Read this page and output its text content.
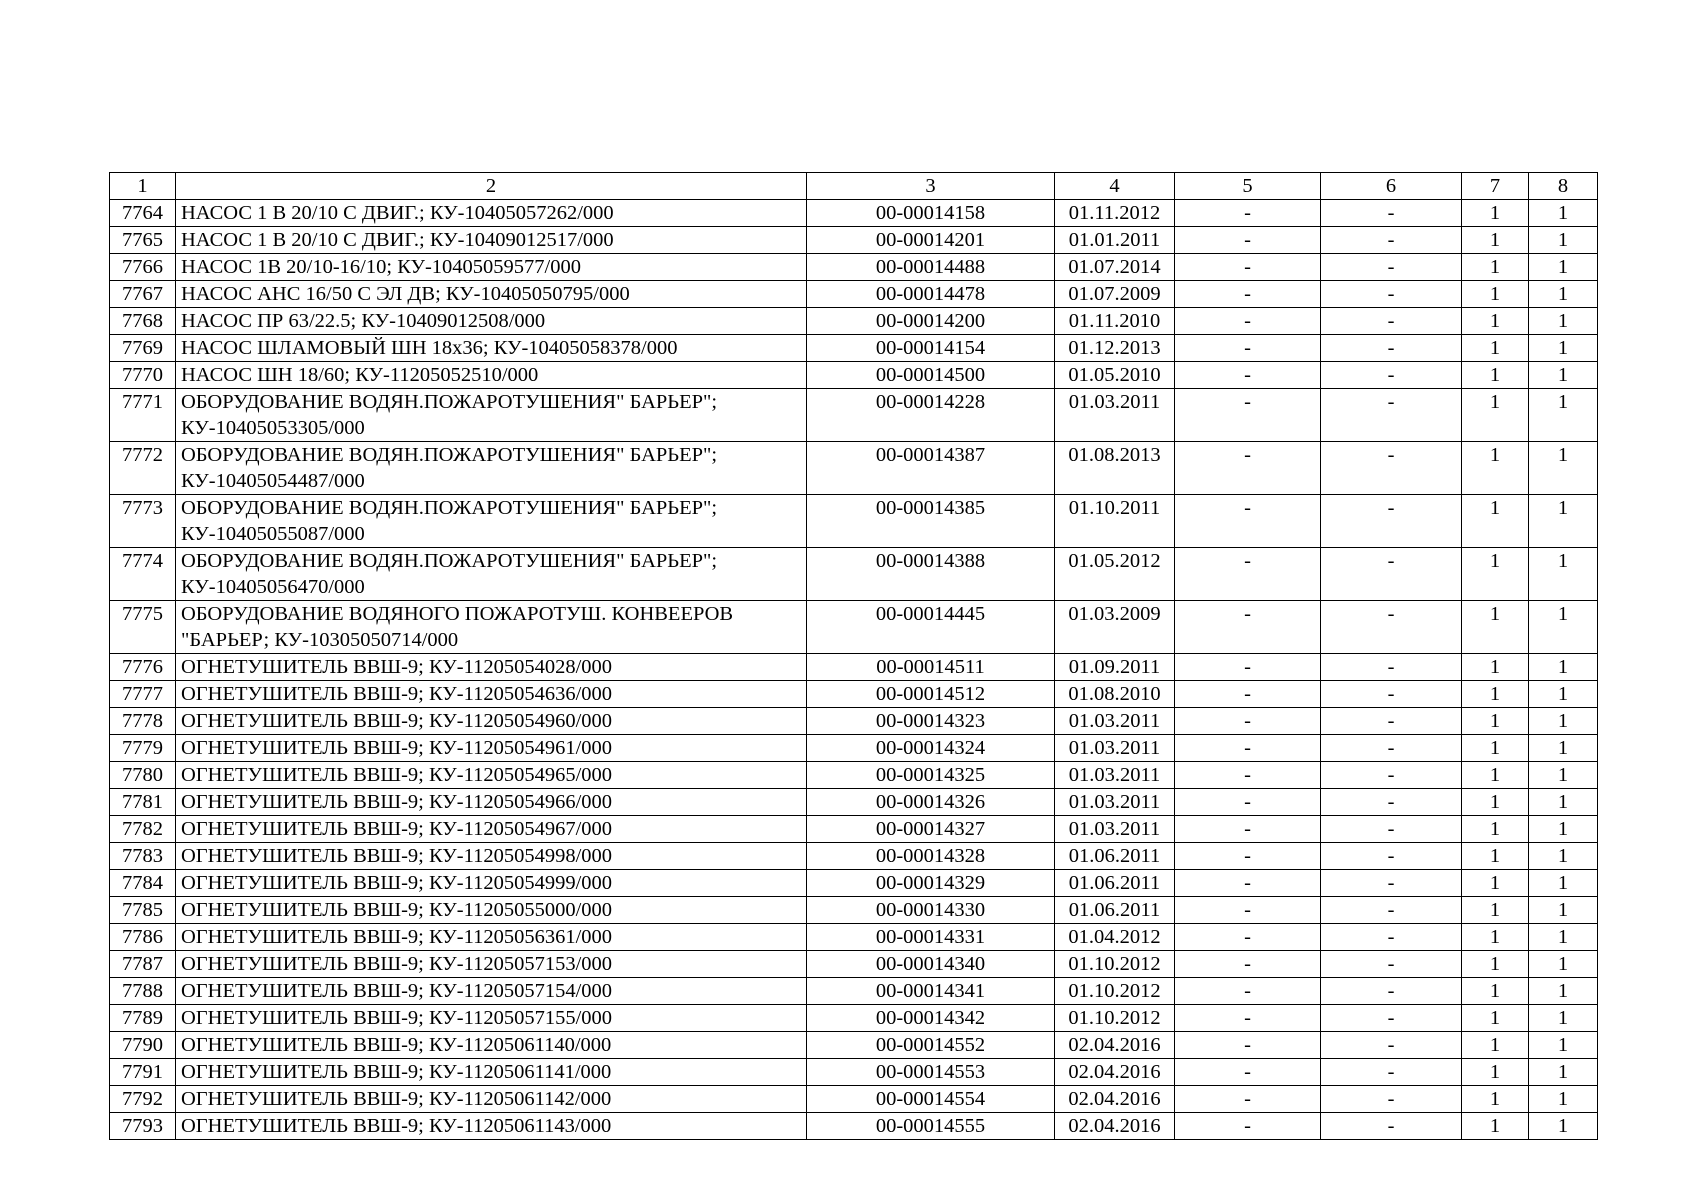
1	2	3	4	5	6	7	8
7764	НАСОС 1 В 20/10 С ДВИГ.; КУ-10405057262/000	00-00014158	01.11.2012	-	-	1	1
7765	НАСОС 1 В 20/10 С ДВИГ.; КУ-10409012517/000	00-00014201	01.01.2011	-	-	1	1
7766	НАСОС 1В 20/10-16/10; КУ-10405059577/000	00-00014488	01.07.2014	-	-	1	1
7767	НАСОС АНС 16/50 С ЭЛ ДВ; КУ-10405050795/000	00-00014478	01.07.2009	-	-	1	1
7768	НАСОС ПР 63/22.5; КУ-10409012508/000	00-00014200	01.11.2010	-	-	1	1
7769	НАСОС ШЛАМОВЫЙ ШН 18х36; КУ-10405058378/000	00-00014154	01.12.2013	-	-	1	1
7770	НАСОС ШН 18/60; КУ-11205052510/000	00-00014500	01.05.2010	-	-	1	1
7771	ОБОРУДОВАНИЕ ВОДЯН.ПОЖАРОТУШЕНИЯ" БАРЬЕР"; КУ-10405053305/000	00-00014228	01.03.2011	-	-	1	1
7772	ОБОРУДОВАНИЕ ВОДЯН.ПОЖАРОТУШЕНИЯ" БАРЬЕР"; КУ-10405054487/000	00-00014387	01.08.2013	-	-	1	1
7773	ОБОРУДОВАНИЕ ВОДЯН.ПОЖАРОТУШЕНИЯ" БАРЬЕР"; КУ-10405055087/000	00-00014385	01.10.2011	-	-	1	1
7774	ОБОРУДОВАНИЕ ВОДЯН.ПОЖАРОТУШЕНИЯ" БАРЬЕР"; КУ-10405056470/000	00-00014388	01.05.2012	-	-	1	1
7775	ОБОРУДОВАНИЕ ВОДЯНОГО ПОЖАРОТУШ. КОНВЕЕРОВ "БАРЬЕР; КУ-10305050714/000	00-00014445	01.03.2009	-	-	1	1
7776	ОГНЕТУШИТЕЛЬ ВВШ-9; КУ-11205054028/000	00-00014511	01.09.2011	-	-	1	1
7777	ОГНЕТУШИТЕЛЬ ВВШ-9; КУ-11205054636/000	00-00014512	01.08.2010	-	-	1	1
7778	ОГНЕТУШИТЕЛЬ ВВШ-9; КУ-11205054960/000	00-00014323	01.03.2011	-	-	1	1
7779	ОГНЕТУШИТЕЛЬ ВВШ-9; КУ-11205054961/000	00-00014324	01.03.2011	-	-	1	1
7780	ОГНЕТУШИТЕЛЬ ВВШ-9; КУ-11205054965/000	00-00014325	01.03.2011	-	-	1	1
7781	ОГНЕТУШИТЕЛЬ ВВШ-9; КУ-11205054966/000	00-00014326	01.03.2011	-	-	1	1
7782	ОГНЕТУШИТЕЛЬ ВВШ-9; КУ-11205054967/000	00-00014327	01.03.2011	-	-	1	1
7783	ОГНЕТУШИТЕЛЬ ВВШ-9; КУ-11205054998/000	00-00014328	01.06.2011	-	-	1	1
7784	ОГНЕТУШИТЕЛЬ ВВШ-9; КУ-11205054999/000	00-00014329	01.06.2011	-	-	1	1
7785	ОГНЕТУШИТЕЛЬ ВВШ-9; КУ-11205055000/000	00-00014330	01.06.2011	-	-	1	1
7786	ОГНЕТУШИТЕЛЬ ВВШ-9; КУ-11205056361/000	00-00014331	01.04.2012	-	-	1	1
7787	ОГНЕТУШИТЕЛЬ ВВШ-9; КУ-11205057153/000	00-00014340	01.10.2012	-	-	1	1
7788	ОГНЕТУШИТЕЛЬ ВВШ-9; КУ-11205057154/000	00-00014341	01.10.2012	-	-	1	1
7789	ОГНЕТУШИТЕЛЬ ВВШ-9; КУ-11205057155/000	00-00014342	01.10.2012	-	-	1	1
7790	ОГНЕТУШИТЕЛЬ ВВШ-9; КУ-11205061140/000	00-00014552	02.04.2016	-	-	1	1
7791	ОГНЕТУШИТЕЛЬ ВВШ-9; КУ-11205061141/000	00-00014553	02.04.2016	-	-	1	1
7792	ОГНЕТУШИТЕЛЬ ВВШ-9; КУ-11205061142/000	00-00014554	02.04.2016	-	-	1	1
7793	ОГНЕТУШИТЕЛЬ ВВШ-9; КУ-11205061143/000	00-00014555	02.04.2016	-	-	1	1
